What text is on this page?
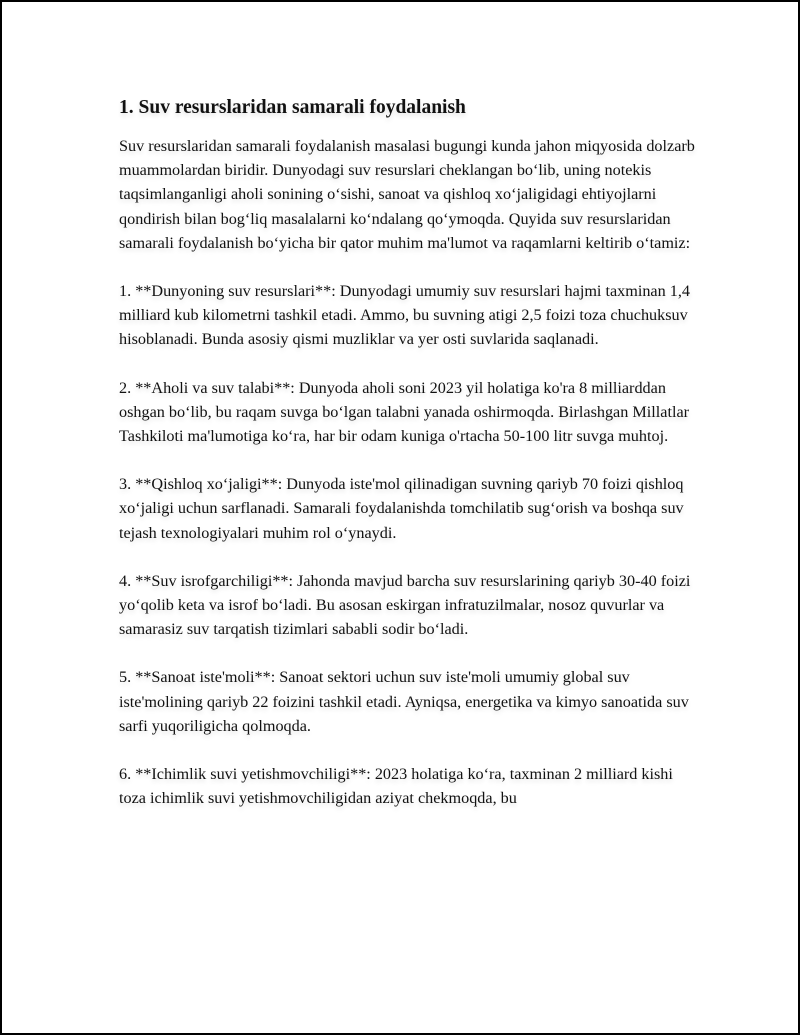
1. Suv resurslaridan samarali foydalanish

Suv resurslaridan samarali foydalanish masalasi bugungi kunda jahon miqyosida dolzarb muammolardan biridir. Dunyodagi suv resurslari cheklangan bo‘lib, uning notekis taqsimlanganligi aholi sonining o‘sishi, sanoat va qishloq xo‘jaligidagi ehtiyojlarni qondirish bilan bog‘liq masalalarni ko‘ndalang qo‘ymoqda. Quyida suv resurslaridan samarali foydalanish bo‘yicha bir qator muhim ma'lumot va raqamlarni keltirib o‘tamiz:

1. **Dunyoning suv resurslari**: Dunyodagi umumiy suv resurslari hajmi taxminan 1,4 milliard kub kilometrni tashkil etadi. Ammo, bu suvning atigi 2,5 foizi toza chuchuksuv hisoblanadi. Bunda asosiy qismi muzliklar va yer osti suvlarida saqlanadi.

2. **Aholi va suv talabi**: Dunyoda aholi soni 2023 yil holatiga ko'ra 8 milliarddan oshgan bo‘lib, bu raqam suvga bo‘lgan talabni yanada oshirmoqda. Birlashgan Millatlar Tashkiloti ma'lumotiga ko‘ra, har bir odam kuniga o'rtacha 50-100 litr suvga muhtoj.

3. **Qishloq xo‘jaligi**: Dunyoda iste'mol qilinadigan suvning qariyb 70 foizi qishloq xo‘jaligi uchun sarflanadi. Samarali foydalanishda tomchilatib sug‘orish va boshqa suv tejash texnologiyalari muhim rol o‘ynaydi.

4. **Suv isrofgarchiligi**: Jahonda mavjud barcha suv resurslarining qariyb 30-40 foizi yo‘qolib keta va isrof bo‘ladi. Bu asosan eskirgan infratuzilmalar, nosoz quvurlar va samarasiz suv tarqatish tizimlari sababli sodir bo‘ladi.

5. **Sanoat iste'moli**: Sanoat sektori uchun suv iste'moli umumiy global suv iste'molining qariyb 22 foizini tashkil etadi. Ayniqsa, energetika va kimyo sanoatida suv sarfi yuqoriligicha qolmoqda.

6. **Ichimlik suvi yetishmovchiligi**: 2023 holatiga ko‘ra, taxminan 2 milliard kishi toza ichimlik suvi yetishmovchiligidan aziyat chekmoqda, bu
